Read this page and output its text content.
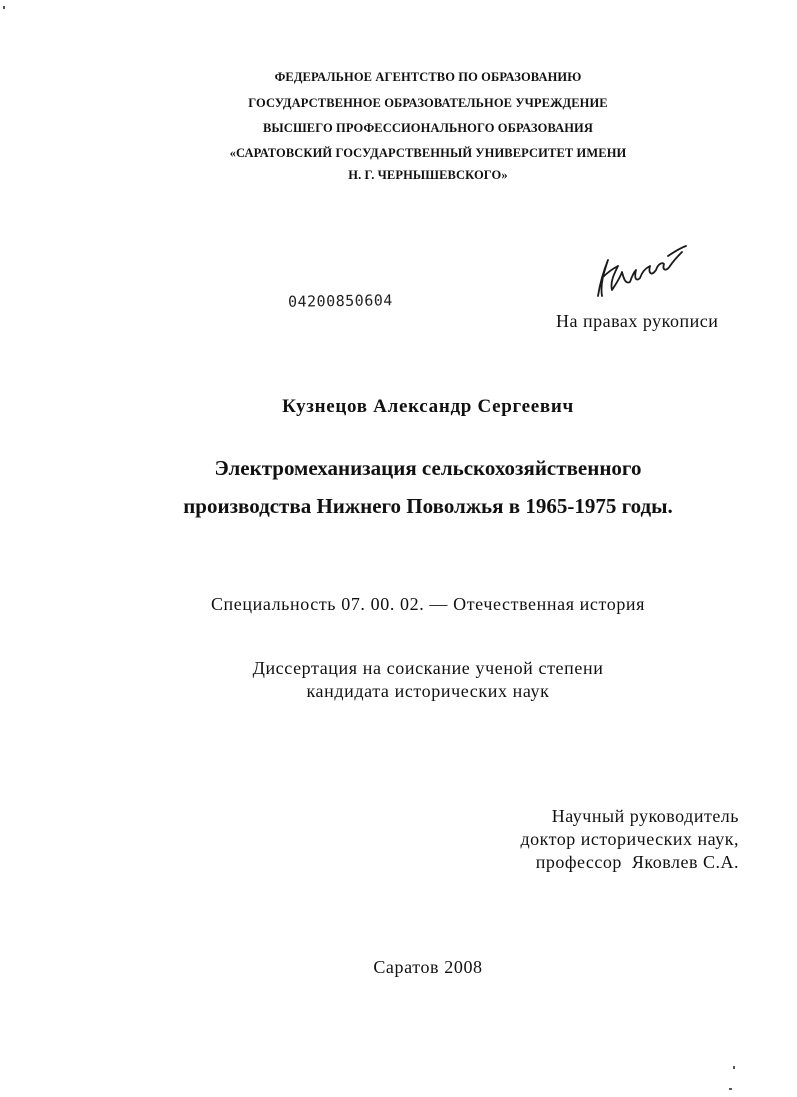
ФЕДЕРАЛЬНОЕ АГЕНТСТВО ПО ОБРАЗОВАНИЮ
ГОСУДАРСТВЕННОЕ ОБРАЗОВАТЕЛЬНОЕ УЧРЕЖДЕНИЕ
ВЫСШЕГО ПРОФЕССИОНАЛЬНОГО ОБРАЗОВАНИЯ
«САРАТОВСКИЙ ГОСУДАРСТВЕННЫЙ УНИВЕРСИТЕТ ИМЕНИ
Н. Г. ЧЕРНЫШЕВСКОГО»
04200850604
На правах рукописи
Кузнецов Александр Сергеевич
Электромеханизация сельскохозяйственного
производства Нижнего Поволжья в 1965-1975 годы.
Специальность 07. 00. 02. — Отечественная история
Диссертация на соискание ученой степени
кандидата исторических наук
Научный руководитель
доктор исторических наук,
профессор  Яковлев С.А.
Саратов 2008
